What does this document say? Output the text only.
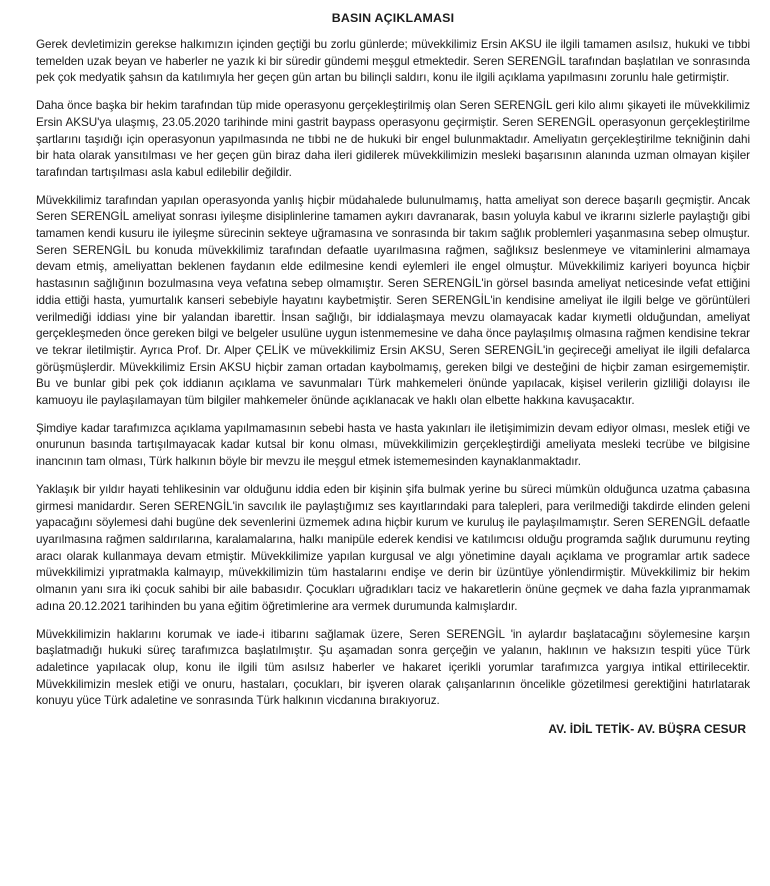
BASIN AÇIKLAMASI

Gerek devletimizin gerekse halkımızın içinden geçtiği bu zorlu günlerde; müvekkilimiz Ersin AKSU ile ilgili tamamen asılsız, hukuki ve tıbbi temelden uzak beyan ve haberler ne yazık ki bir süredir gündemi meşgul etmektedir. Seren SERENGİL tarafından başlatılan ve sonrasında pek çok medyatik şahsın da katılımıyla her geçen gün artan bu bilinçli saldırı, konu ile ilgili açıklama yapılmasını zorunlu hale getirmiştir.

Daha önce başka bir hekim tarafından tüp mide operasyonu gerçekleştirilmiş olan Seren SERENGİL geri kilo alımı şikayeti ile müvekkilimiz Ersin AKSU'ya ulaşmış, 23.05.2020 tarihinde mini gastrit baypass operasyonu geçirmiştir. Seren SERENGİL operasyonun gerçekleştirilme şartlarını taşıdığı için operasyonun yapılmasında ne tıbbi ne de hukuki bir engel bulunmaktadır. Ameliyatın gerçekleştirilme tekniğinin dahi bir hata olarak yansıtılması ve her geçen gün biraz daha ileri gidilerek müvekkilimizin mesleki başarısının alanında uzman olmayan kişiler tarafından tartışılması asla kabul edilebilir değildir.

Müvekkilimiz tarafından yapılan operasyonda yanlış hiçbir müdahalede bulunulmamış, hatta ameliyat son derece başarılı geçmiştir. Ancak Seren SERENGİL ameliyat sonrası iyileşme disiplinlerine tamamen aykırı davranarak, basın yoluyla kabul ve ikrarını sizlerle paylaştığı gibi tamamen kendi kusuru ile iyileşme sürecinin sekteye uğramasına ve sonrasında bir takım sağlık problemleri yaşanmasına sebep olmuştur. Seren SERENGİL bu konuda müvekkilimiz tarafından defaatle uyarılmasına rağmen, sağlıksız beslenmeye ve vitaminlerini almamaya devam etmiş, ameliyattan beklenen faydanın elde edilmesine kendi eylemleri ile engel olmuştur. Müvekkilimiz kariyeri boyunca hiçbir hastasının sağlığının bozulmasına veya vefatına sebep olmamıştır. Seren SERENGİL'in görsel basında ameliyat neticesinde vefat ettiğini iddia ettiği hasta, yumurtalık kanseri sebebiyle hayatını kaybetmiştir. Seren SERENGİL'in kendisine ameliyat ile ilgili belge ve görüntüleri verilmediği iddiası yine bir yalandan ibarettir. İnsan sağlığı, bir iddialaşmaya mevzu olamayacak kadar kıymetli olduğundan, ameliyat gerçekleşmeden önce gereken bilgi ve belgeler usulüne uygun istenmemesine ve daha önce paylaşılmış olmasına rağmen kendisine tekrar ve tekrar iletilmiştir. Ayrıca Prof. Dr. Alper ÇELİK ve müvekkilimiz Ersin AKSU, Seren SERENGİL'in geçireceği ameliyat ile ilgili defalarca görüşmüşlerdir. Müvekkilimiz Ersin AKSU hiçbir zaman ortadan kaybolmamış, gereken bilgi ve desteğini de hiçbir zaman esirgememiştir. Bu ve bunlar gibi pek çok iddianın açıklama ve savunmaları Türk mahkemeleri önünde yapılacak, kişisel verilerin gizliliği dolayısı ile kamuoyu ile paylaşılamayan tüm bilgiler mahkemeler önünde açıklanacak ve haklı olan elbette hakkına kavuşacaktır.

Şimdiye kadar tarafımızca açıklama yapılmamasının sebebi hasta ve hasta yakınları ile iletişimimizin devam ediyor olması, meslek etiği ve onurunun basında tartışılmayacak kadar kutsal bir konu olması, müvekkilimizin gerçekleştirdiği ameliyata mesleki tecrübe ve bilgisine inancının tam olması, Türk halkının böyle bir mevzu ile meşgul etmek istememesinden kaynaklanmaktadır.

Yaklaşık bir yıldır hayati tehlikesinin var olduğunu iddia eden bir kişinin şifa bulmak yerine bu süreci mümkün olduğunca uzatma çabasına girmesi manidardır. Seren SERENGİL'in savcılık ile paylaştığımız ses kayıtlarındaki para talepleri, para verilmediği takdirde elinden geleni yapacağını söylemesi dahi bugüne dek sevenlerini üzmemek adına hiçbir kurum ve kuruluş ile paylaşılmamıştır. Seren SERENGİL defaatle uyarılmasına rağmen saldırılarına, karalamalarına, halkı manipüle ederek kendisi ve katılımcısı olduğu programda sağlık durumunu reyting aracı olarak kullanmaya devam etmiştir. Müvekkilimize yapılan kurgusal ve algı yönetimine dayalı açıklama ve programlar artık sadece müvekkilimizi yıpratmakla kalmayıp, müvekkilimizin tüm hastalarını endişe ve derin bir üzüntüye yönlendirmiştir. Müvekkilimiz bir hekim olmanın yanı sıra iki çocuk sahibi bir aile babasıdır. Çocukları uğradıkları taciz ve hakaretlerin önüne geçmek ve daha fazla yıpranmamak adına 20.12.2021 tarihinden bu yana eğitim öğretimlerine ara vermek durumunda kalmışlardır.

Müvekkilimizin haklarını korumak ve iade-i itibarını sağlamak üzere, Seren SERENGİL 'in aylardır başlatacağını söylemesine karşın başlatmadığı hukuki süreç tarafımızca başlatılmıştır. Şu aşamadan sonra gerçeğin ve yalanın, haklının ve haksızın tespiti yüce Türk adaletince yapılacak olup, konu ile ilgili tüm asılsız haberler ve hakaret içerikli yorumlar tarafımızca yargıya intikal ettirilecektir. Müvekkilimizin meslek etiği ve onuru, hastaları, çocukları, bir işveren olarak çalışanlarının öncelikle gözetilmesi gerektiğini hatırlatarak konuyu yüce Türk adaletine ve sonrasında Türk halkının vicdanına bırakıyoruz.

AV. İDİL TETİK- AV. BÜŞRA CESUR
